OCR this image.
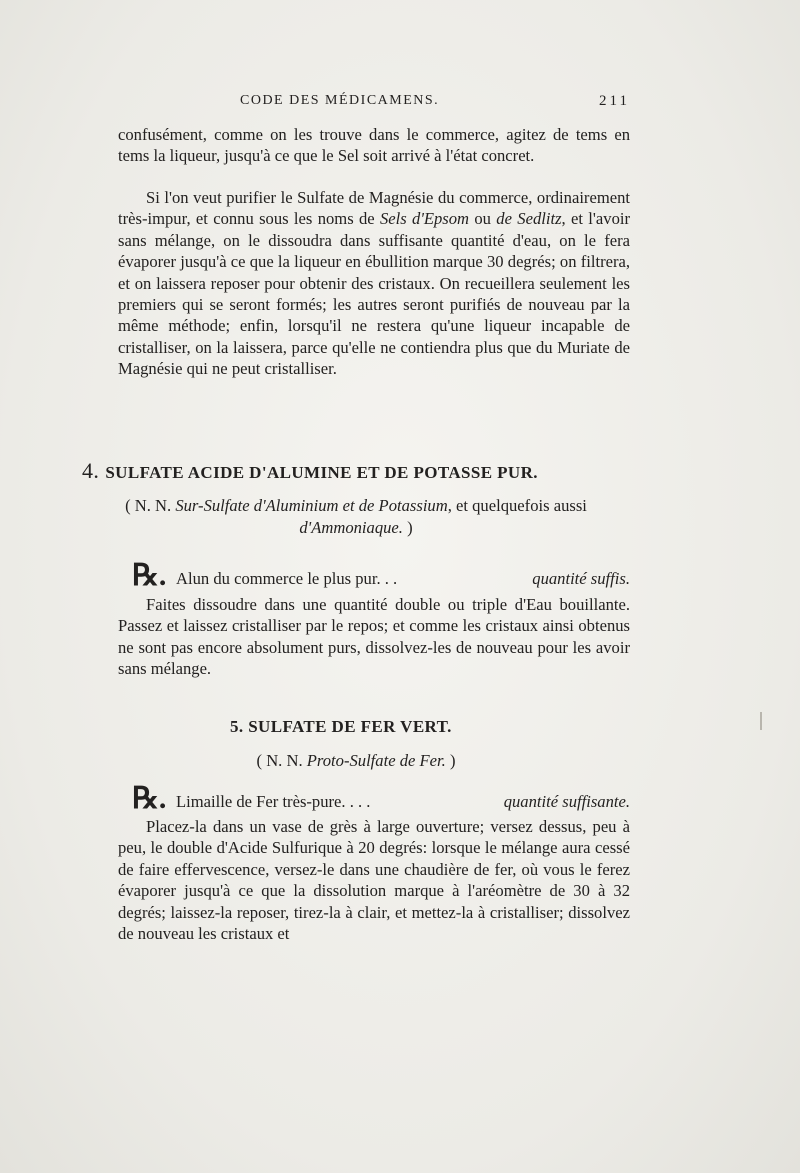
CODE DES MÉDICAMENS.	211

confusément, comme on les trouve dans le commerce, agitez de tems en tems la liqueur, jusqu'à ce que le Sel soit arrivé à l'état concret.

Si l'on veut purifier le Sulfate de Magnésie du commerce, ordinairement très-impur, et connu sous les noms de Sels d'Epsom ou de Sedlitz, et l'avoir sans mélange, on le dissoudra dans suffisante quantité d'eau, on le fera évaporer jusqu'à ce que la liqueur en ébullition marque 30 degrés; on filtrera, et on laissera reposer pour obtenir des cristaux. On recueillera seulement les premiers qui se seront formés; les autres seront purifiés de nouveau par la même méthode; enfin, lorsqu'il ne restera qu'une liqueur incapable de cristalliser, on la laissera, parce qu'elle ne contiendra plus que du Muriate de Magnésie qui ne peut cristalliser.

4. SULFATE ACIDE D'ALUMINE ET DE POTASSE PUR.

( N. N. Sur-Sulfate d'Aluminium et de Potassium, et quelquefois aussi
d'Ammoniaque. )

℞. Alun du commerce le plus pur. . .	quantité suffis.

Faites dissoudre dans une quantité double ou triple d'Eau bouillante. Passez et laissez cristalliser par le repos; et comme les cristaux ainsi obtenus ne sont pas encore absolument purs, dissolvez-les de nouveau pour les avoir sans mélange.

5. SULFATE DE FER VERT.

( N. N. Proto-Sulfate de Fer. )

℞. Limaille de Fer très-pure. . . .	quantité suffisante.

Placez-la dans un vase de grès à large ouverture; versez dessus, peu à peu, le double d'Acide Sulfurique à 20 degrés: lorsque le mélange aura cessé de faire effervescence, versez-le dans une chaudière de fer, où vous le ferez évaporer jusqu'à ce que la dissolution marque à l'aréomètre de 30 à 32 degrés; laissez-la reposer, tirez-la à clair, et mettez-la à cristalliser; dissolvez de nouveau les cristaux et
